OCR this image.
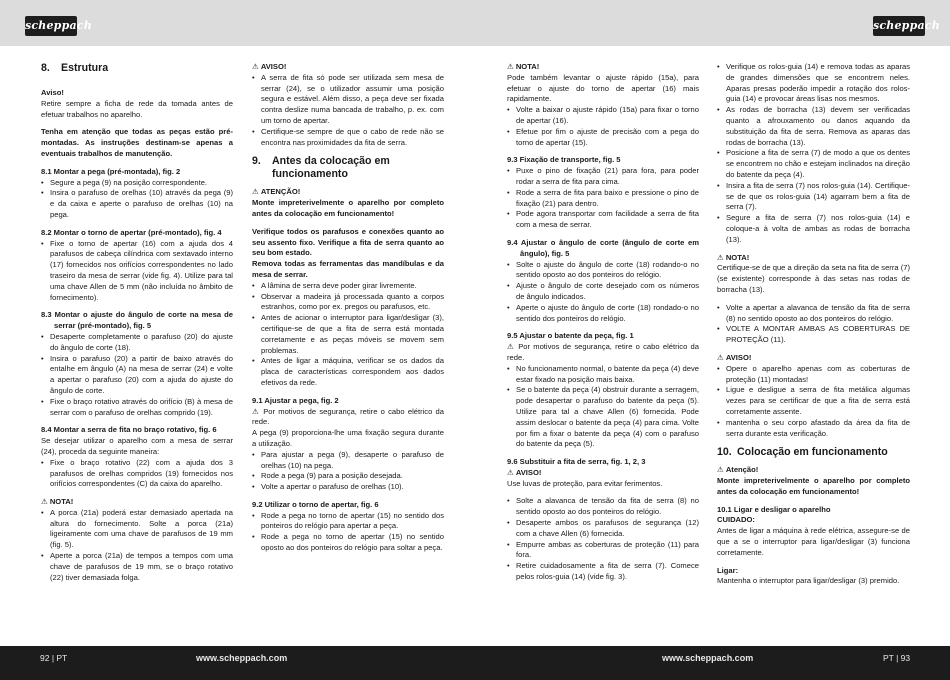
scheppach	scheppach
8.	Estrutura

Aviso!

Retire sempre a ficha de rede da tomada antes de efetuar trabalhos no aparelho.

Tenha em atenção que todas as peças estão pré-montadas. As instruções destinam-se apenas a eventuais trabalhos de manutenção.

8.1 Montar a pega (pré-montada), fig. 2

• Segure a pega (9) na posição correspondente.
• Insira o parafuso de orelhas (10) através da pega (9) e da caixa e aperte o parafuso de orelhas (10) na pega.

8.2 Montar o torno de apertar (pré-montado), fig. 4

• Fixe o torno de apertar (16) com a ajuda dos 4 parafusos de cabeça cilíndrica com sextavado interno (17) fornecidos nos orifícios correspondentes no lado traseiro da mesa de serrar (vide fig. 4). Utilize para tal uma chave Allen de 5 mm (não incluída no âmbito de fornecimento).

8.3 Montar o ajuste do ângulo de corte na mesa de serrar (pré-montado), fig. 5

• Desaperte completamente o parafuso (20) do ajuste do ângulo de corte (18).
• Insira o parafuso (20) a partir de baixo através do entalhe em ângulo (A) na mesa de serrar (24) e volte a apertar o parafuso (20) com a ajuda do ajuste do ângulo de corte.
• Fixe o braço rotativo através do orifício (B) à mesa de serrar com o parafuso de orelhas comprido (19).

8.4 Montar a serra de fita no braço rotativo, fig. 6

Se desejar utilizar o aparelho com a mesa de serrar (24), proceda da seguinte maneira:

• Fixe o braço rotativo (22) com a ajuda dos 3 parafusos de orelhas compridos (19) fornecidos nos orifícios correspondentes (C) da caixa do aparelho.

⚠ NOTA!

• A porca (21a) poderá estar demasiado apertada na altura do fornecimento. Solte a porca (21a) ligeiramente com uma chave de parafusos de 19 mm (fig. 5).
• Aperte a porca (21a) de tempos a tempos com uma chave de parafusos de 19 mm, se o braço rotativo (22) tiver demasiada folga.

⚠ AVISO!

• A serra de fita só pode ser utilizada sem mesa de serrar (24), se o utilizador assumir uma posição segura e estável. Além disso, a peça deve ser fixada contra deslize numa bancada de trabalho, p. ex. com um torno de apertar.
• Certifique-se sempre de que o cabo de rede não se encontra nas proximidades da fita de serra.
9.	Antes da colocação em funcionamento

⚠ ATENÇÃO!

Monte impreterivelmente o aparelho por completo antes da colocação em funcionamento!

Verifique todos os parafusos e conexões quanto ao seu assento fixo. Verifique a fita de serra quanto ao seu bom estado.

Remova todas as ferramentas das mandíbulas e da mesa de serrar.

• A lâmina de serra deve poder girar livremente.
• Observar a madeira já processada quanto a corpos estranhos, como por ex. pregos ou parafusos, etc.
• Antes de acionar o interruptor para ligar/desligar (3), certifique-se de que a fita de serra está montada corretamente e as peças móveis se movem sem problemas.
• Antes de ligar a máquina, verificar se os dados da placa de características correspondem aos dados efetivos da rede.

9.1 Ajustar a pega, fig. 2

⚠ Por motivos de segurança, retire o cabo elétrico da rede.

A pega (9) proporciona-lhe uma fixação segura durante a utilização.

• Para ajustar a pega (9), desaperte o parafuso de orelhas (10) na pega.
• Rode a pega (9) para a posição desejada.
• Volte a apertar o parafuso de orelhas (10).

9.2 Utilizar o torno de apertar, fig. 6

• Rode a pega no torno de apertar (15) no sentido dos ponteiros do relógio para apertar a peça.
• Rode a pega no torno de apertar (15) no sentido oposto ao dos ponteiros do relógio para soltar a peça.

⚠ NOTA!

Pode também levantar o ajuste rápido (15a), para efetuar o ajuste do torno de apertar (16) mais rapidamente.

• Volte a baixar o ajuste rápido (15a) para fixar o torno de apertar (16).
• Efetue por fim o ajuste de precisão com a pega do torno de apertar (15).

9.3 Fixação de transporte, fig. 5

• Puxe o pino de fixação (21) para fora, para poder rodar a serra de fita para cima.
• Rode a serra de fita para baixo e pressione o pino de fixação (21) para dentro.
• Pode agora transportar com facilidade a serra de fita com a mesa de serrar.

9.4 Ajustar o ângulo de corte (ângulo de corte em ângulo), fig. 5

• Solte o ajuste do ângulo de corte (18) rodando-o no sentido oposto ao dos ponteiros do relógio.
• Ajuste o ângulo de corte desejado com os números de ângulo indicados.
• Aperte o ajuste do ângulo de corte (18) rondado-o no sentido dos ponteiros do relógio.

9.5 Ajustar o batente da peça, fig. 1

⚠ Por motivos de segurança, retire o cabo elétrico da rede.

• No funcionamento normal, o batente da peça (4) deve estar fixado na posição mais baixa.
• Se o batente da peça (4) obstruir durante a serragem, pode desapertar o parafuso do batente da peça (5). Utilize para tal a chave Allen (6) fornecida. Pode assim deslocar o batente da peça (4) para cima. Volte por fim a fixar o batente da peça (4) com o parafuso do batente da peça (5).

9.6 Substituir a fita de serra, fig. 1, 2, 3

⚠ AVISO!

Use luvas de proteção, para evitar ferimentos.

• Solte a alavanca de tensão da fita de serra (8) no sentido oposto ao dos ponteiros do relógio.
• Desaperte ambos os parafusos de segurança (12) com a chave Allen (6) fornecida.
• Empurre ambas as coberturas de proteção (11) para fora.
• Retire cuidadosamente a fita de serra (7). Comece pelos rolos-guia (14) (vide fig. 3).
• Verifique os rolos-guia (14) e remova todas as aparas de grandes dimensões que se encontrem neles. Aparas presas poderão impedir a rotação dos rolos-guia (14) e provocar áreas lisas nos mesmos.
• As rodas de borracha (13) devem ser verificadas quanto a afrouxamento ou danos aquando da substituição da fita de serra. Remova as aparas das rodas de borracha (13).
• Posicione a fita de serra (7) de modo a que os dentes se encontrem no chão e estejam inclinados na direção do batente da peça (4).
• Insira a fita de serra (7) nos rolos-guia (14). Certifique-se de que os rolos-guia (14) agarram bem a fita de serra (7).
• Segure a fita de serra (7) nos rolos-guia (14) e coloque-a à volta de ambas as rodas de borracha (13).

⚠ NOTA!

Certifique-se de que a direção da seta na fita de serra (7) (se existente) corresponde à das setas nas rodas de borracha (13).

• Volte a apertar a alavanca de tensão da fita de serra (8) no sentido oposto ao dos ponteiros do relógio.
• VOLTE A MONTAR AMBAS AS COBERTURAS DE PROTEÇÃO (11).

⚠ AVISO!

• Opere o aparelho apenas com as coberturas de proteção (11) montadas!
• Ligue e desligue a serra de fita metálica algumas vezes para se certificar de que a fita de serra está corretamente assente.
• mantenha o seu corpo afastado da área da fita de serra durante esta verificação.
10. Colocação em funcionamento

⚠ Atenção!

Monte impreterivelmente o aparelho por completo antes da colocação em funcionamento!

10.1 Ligar e desligar o aparelho

CUIDADO:

Antes de ligar a máquina à rede elétrica, assegure-se de que a se o interruptor para ligar/desligar (3) funciona corretamente.

Ligar:

Mantenha o interruptor para ligar/desligar (3) premido.

92 | PT	www.scheppach.com	www.scheppach.com	PT | 93
